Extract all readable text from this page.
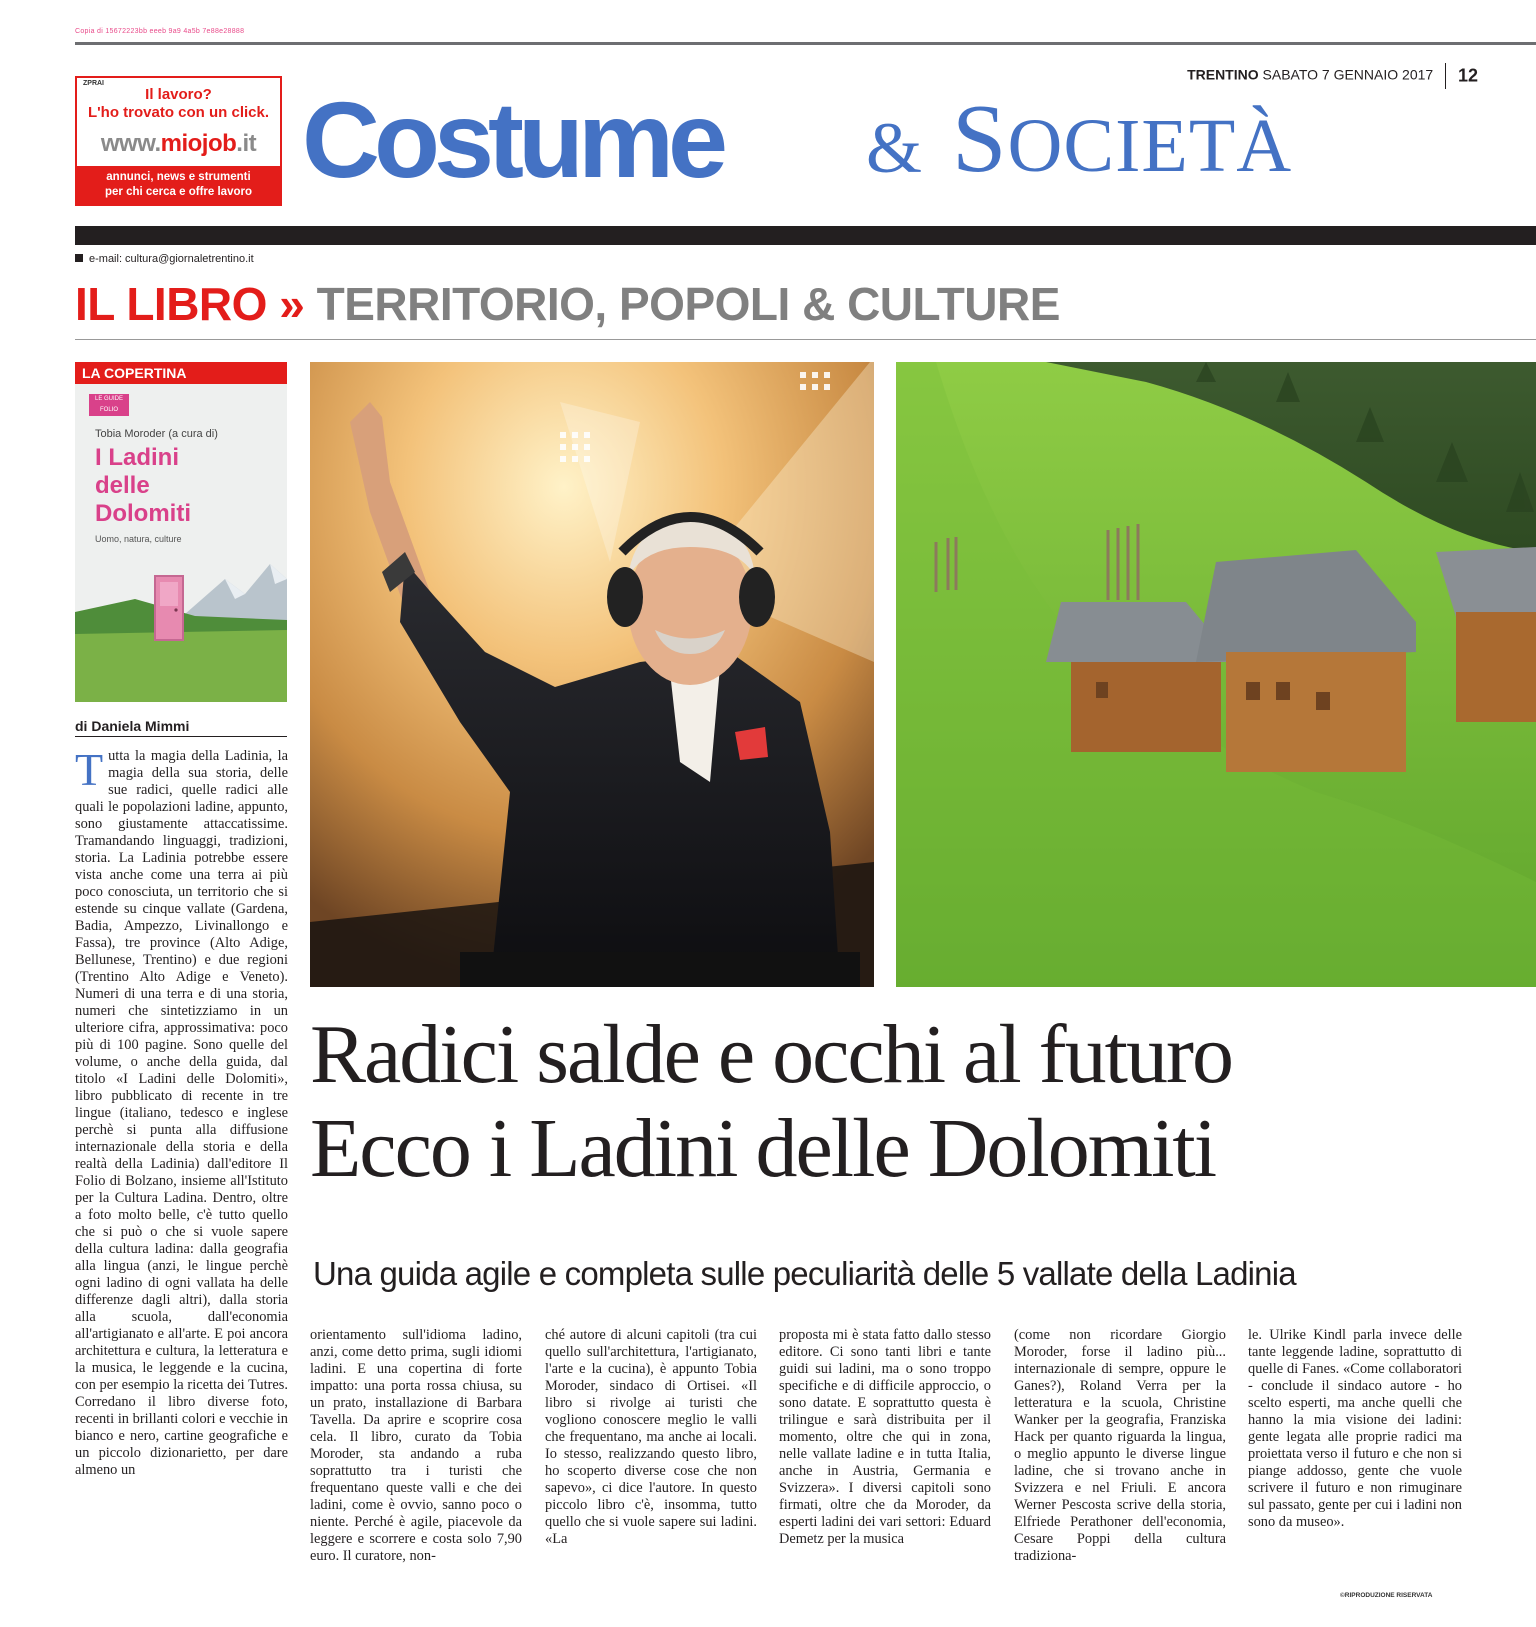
Copia di 15672223bb eeeb 9a9 4a5b 7e88e28888
ZPRAI
Il lavoro?
L'ho trovato con un click.
www.miojob.it
annunci, news e strumenti
per chi cerca e offre lavoro
TRENTINO SABATO 7 GENNAIO 2017 12
Costume & SOCIETÀ
e-mail: cultura@giornaletrentino.it
IL LIBRO » TERRITORIO, POPOLI & CULTURE
LA COPERTINA
LE GUIDE FOLIO
Tobia Moroder (a cura di)
I Ladini
delle
Dolomiti
Uomo, natura, culture
di Daniela Mimmi
Tutta la magia della Ladinia, la magia della sua storia, delle sue radici, quelle radici alle quali le popolazioni ladine, appunto, sono giustamente attaccatissime. Tramandando linguaggi, tradizioni, storia. La Ladinia potrebbe essere vista anche come una terra ai più poco conosciuta, un territorio che si estende su cinque vallate (Gardena, Badia, Ampezzo, Livinallongo e Fassa), tre province (Alto Adige, Bellunese, Trentino) e due regioni (Trentino Alto Adige e Veneto). Numeri di una terra e di una storia, numeri che sintetizziamo in un ulteriore cifra, approssimativa: poco più di 100 pagine. Sono quelle del volume, o anche della guida, dal titolo «I Ladini delle Dolomiti», libro pubblicato di recente in tre lingue (italiano, tedesco e inglese perchè si punta alla diffusione internazionale della storia e della realtà della Ladinia) dall'editore Il Folio di Bolzano, insieme all'Istituto per la Cultura Ladina. Dentro, oltre a foto molto belle, c'è tutto quello che si può o che si vuole sapere della cultura ladina: dalla geografia alla lingua (anzi, le lingue perchè ogni ladino di ogni vallata ha delle differenze dagli altri), dalla storia alla scuola, dall'economia all'artigianato e all'arte. E poi ancora architettura e cultura, la letteratura e la musica, le leggende e la cucina, con per esempio la ricetta dei Tutres. Corredano il libro diverse foto, recenti in brillanti colori e vecchie in bianco e nero, cartine geografiche e un piccolo dizionarietto, per dare almeno un
Radici salde e occhi al futuro
Ecco i Ladini delle Dolomiti
Una guida agile e completa sulle peculiarità delle 5 vallate della Ladinia
orientamento sull'idioma ladino, anzi, come detto prima, sugli idiomi ladini. E una copertina di forte impatto: una porta rossa chiusa, su un prato, installazione di Barbara Tavella. Da aprire e scoprire cosa cela. Il libro, curato da Tobia Moroder, sta andando a ruba soprattutto tra i turisti che frequentano queste valli e che dei ladini, come è ovvio, sanno poco o niente. Perché è agile, piacevole da leggere e scorrere e costa solo 7,90 euro. Il curatore, non-
ché autore di alcuni capitoli (tra cui quello sull'architettura, l'artigianato, l'arte e la cucina), è appunto Tobia Moroder, sindaco di Ortisei. «Il libro si rivolge ai turisti che vogliono conoscere meglio le valli che frequentano, ma anche ai locali. Io stesso, realizzando questo libro, ho scoperto diverse cose che non sapevo», ci dice l'autore. In questo piccolo libro c'è, insomma, tutto quello che si vuole sapere sui ladini. «La
proposta mi è stata fatto dallo stesso editore. Ci sono tanti libri e tante guidi sui ladini, ma o sono troppo specifiche e di difficile approccio, o sono datate. E soprattutto questa è trilingue e sarà distribuita per il momento, oltre che qui in zona, nelle vallate ladine e in tutta Italia, anche in Austria, Germania e Svizzera». I diversi capitoli sono firmati, oltre che da Moroder, da esperti ladini dei vari settori: Eduard Demetz per la musica
(come non ricordare Giorgio Moroder, forse il ladino più... internazionale di sempre, oppure le Ganes?), Roland Verra per la letteratura e la scuola, Christine Wanker per la geografia, Franziska Hack per quanto riguarda la lingua, o meglio appunto le diverse lingue ladine, che si trovano anche in Svizzera e nel Friuli. E ancora Werner Pescosta scrive della storia, Elfriede Perathoner dell'economia, Cesare Poppi della cultura tradiziona-
le. Ulrike Kindl parla invece delle tante leggende ladine, soprattutto di quelle di Fanes. «Come collaboratori - conclude il sindaco autore - ho scelto esperti, ma anche quelli che hanno la mia visione dei ladini: gente legata alle proprie radici ma proiettata verso il futuro e che non si piange addosso, gente che vuole scrivere il futuro e non rimuginare sul passato, gente per cui i ladini non sono da museo».
©RIPRODUZIONE RISERVATA
